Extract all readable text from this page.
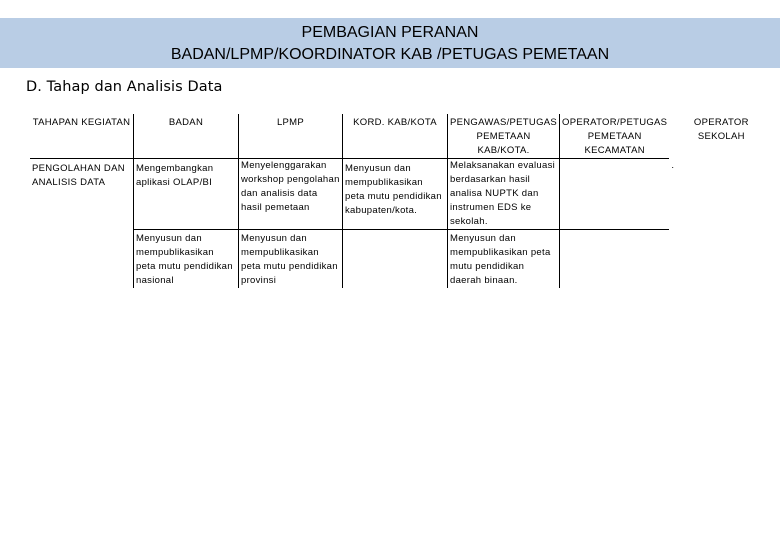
PEMBAGIAN PERANAN
BADAN/LPMP/KOORDINATOR KAB /PETUGAS PEMETAAN
D. Tahap dan Analisis Data
TAHAPAN KEGIATAN	BADAN	LPMP	KORD. KAB/KOTA	PENGAWAS/PETUGAS PEMETAAN KAB/KOTA.	OPERATOR/PETUGAS PEMETAAN KECAMATAN	OPERATOR SEKOLAH
PENGOLAHAN DAN ANALISIS DATA	Mengembangkan aplikasi OLAP/BI	Menyelenggarakan workshop pengolahan dan analisis data hasil pemetaan	Menyusun dan mempublikasikan peta mutu pendidikan kabupaten/kota.	Melaksanakan evaluasi berdasarkan hasil analisa NUPTK dan instrumen EDS ke sekolah.		.
	Menyusun dan mempublikasikan peta mutu pendidikan nasional	Menyusun dan mempublikasikan peta mutu pendidikan provinsi		Menyusun dan mempublikasikan peta mutu pendidikan daerah binaan.		
